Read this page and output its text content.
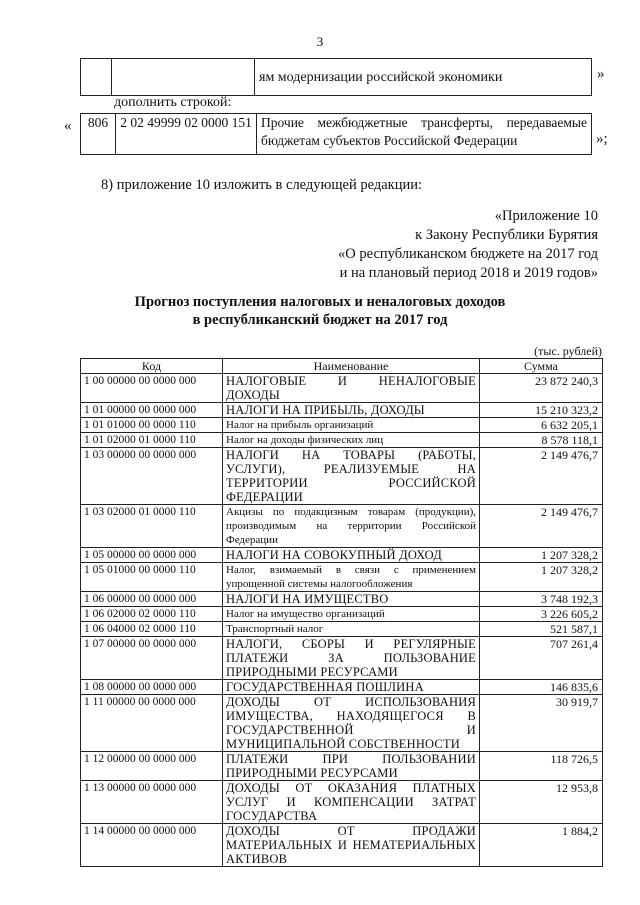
3
		ям модернизации российской экономики	»
дополнить строкой:
« 806	2 02 49999 02 0000 151	Прочие межбюджетные трансферты, передаваемые бюджетам субъектов Российской Федерации	»;
8) приложение 10 изложить в следующей редакции:
«Приложение 10
к Закону Республики Бурятия
«О республиканском бюджете на 2017 год
и на плановый период 2018 и 2019 годов»
Прогноз поступления налоговых и неналоговых доходов
в республиканский бюджет на 2017 год
(тыс. рублей)
Код	Наименование	Сумма
1 00 00000 00 0000 000	НАЛОГОВЫЕ И НЕНАЛОГОВЫЕ ДОХОДЫ	23 872 240,3
1 01 00000 00 0000 000	НАЛОГИ НА ПРИБЫЛЬ, ДОХОДЫ	15 210 323,2
1 01 01000 00 0000 110	Налог на прибыль организаций	6 632 205,1
1 01 02000 01 0000 110	Налог на доходы физических лиц	8 578 118,1
1 03 00000 00 0000 000	НАЛОГИ НА ТОВАРЫ (РАБОТЫ, УСЛУГИ), РЕАЛИЗУЕМЫЕ НА ТЕРРИТОРИИ РОССИЙСКОЙ ФЕДЕРАЦИИ	2 149 476,7
1 03 02000 01 0000 110	Акцизы по подакцизным товарам (продукции), производимым на территории Российской Федерации	2 149 476,7
1 05 00000 00 0000 000	НАЛОГИ НА СОВОКУПНЫЙ ДОХОД	1 207 328,2
1 05 01000 00 0000 110	Налог, взимаемый в связи с применением упрощенной системы налогообложения	1 207 328,2
1 06 00000 00 0000 000	НАЛОГИ НА ИМУЩЕСТВО	3 748 192,3
1 06 02000 02 0000 110	Налог на имущество организаций	3 226 605,2
1 06 04000 02 0000 110	Транспортный налог	521 587,1
1 07 00000 00 0000 000	НАЛОГИ, СБОРЫ И РЕГУЛЯРНЫЕ ПЛАТЕЖИ ЗА ПОЛЬЗОВАНИЕ ПРИРОДНЫМИ РЕСУРСАМИ	707 261,4
1 08 00000 00 0000 000	ГОСУДАРСТВЕННАЯ ПОШЛИНА	146 835,6
1 11 00000 00 0000 000	ДОХОДЫ ОТ ИСПОЛЬЗОВАНИЯ ИМУЩЕСТВА, НАХОДЯЩЕГОСЯ В ГОСУДАРСТВЕННОЙ И МУНИЦИПАЛЬНОЙ СОБСТВЕННОСТИ	30 919,7
1 12 00000 00 0000 000	ПЛАТЕЖИ ПРИ ПОЛЬЗОВАНИИ ПРИРОДНЫМИ РЕСУРСАМИ	118 726,5
1 13 00000 00 0000 000	ДОХОДЫ ОТ ОКАЗАНИЯ ПЛАТНЫХ УСЛУГ И КОМПЕНСАЦИИ ЗАТРАТ ГОСУДАРСТВА	12 953,8
1 14 00000 00 0000 000	ДОХОДЫ ОТ ПРОДАЖИ МАТЕРИАЛЬНЫХ И НЕМАТЕРИАЛЬНЫХ АКТИВОВ	1 884,2
